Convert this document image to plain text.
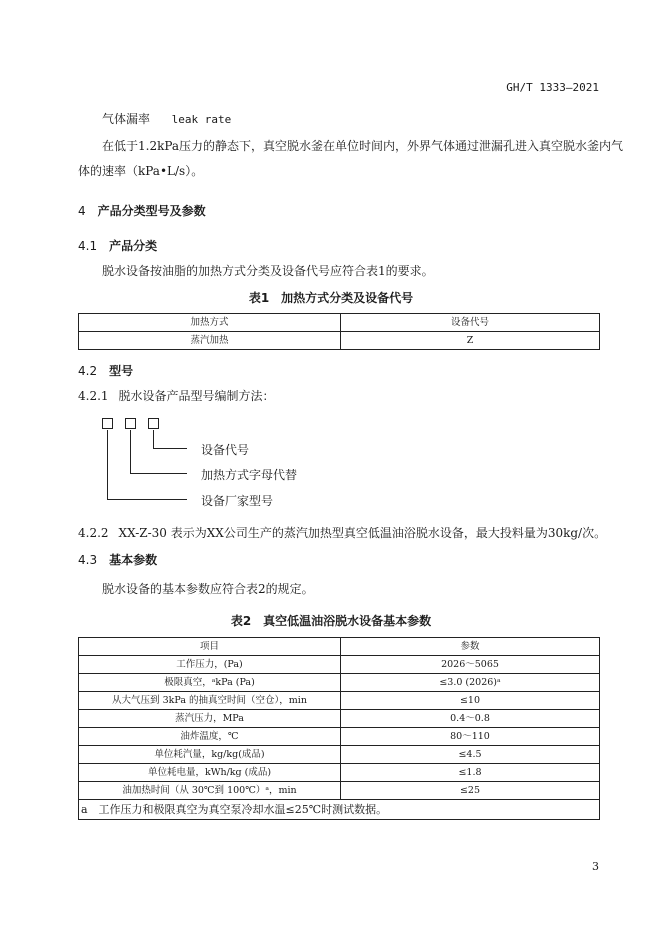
GH/T 1333—2021
气体漏率 leak rate
在低于1.2kPa压力的静态下，真空脱水釜在单位时间内，外界气体通过泄漏孔进入真空脱水釜内气
体的速率（kPa•L/s）。
4 产品分类型号及参数
4.1 产品分类
脱水设备按油脂的加热方式分类及设备代号应符合表1的要求。
表1　加热方式分类及设备代号
加热方式	设备代号
蒸汽加热	Z
4.2 型号
4.2.1 脱水设备产品型号编制方法：
设备代号
加热方式字母代替
设备厂家型号
4.2.2 XX-Z-30 表示为XX公司生产的蒸汽加热型真空低温油浴脱水设备，最大投料量为30kg/次。
4.3 基本参数
脱水设备的基本参数应符合表2的规定。
表2　真空低温油浴脱水设备基本参数
项目	参数
工作压力，(Pa)	2026～5065
极限真空，ᵃkPa (Pa)	≤3.0 (2026)ᵃ
从大气压到 3kPa 的抽真空时间（空仓），min	≤10
蒸汽压力，MPa	0.4～0.8
油炸温度，℃	80～110
单位耗汽量，kg/kg(成品)	≤4.5
单位耗电量，kWh/kg (成品)	≤1.8
油加热时间（从 30℃到 100℃）ᵃ，min	≤25
a　工作压力和极限真空为真空泵冷却水温≤25℃时测试数据。	
3
